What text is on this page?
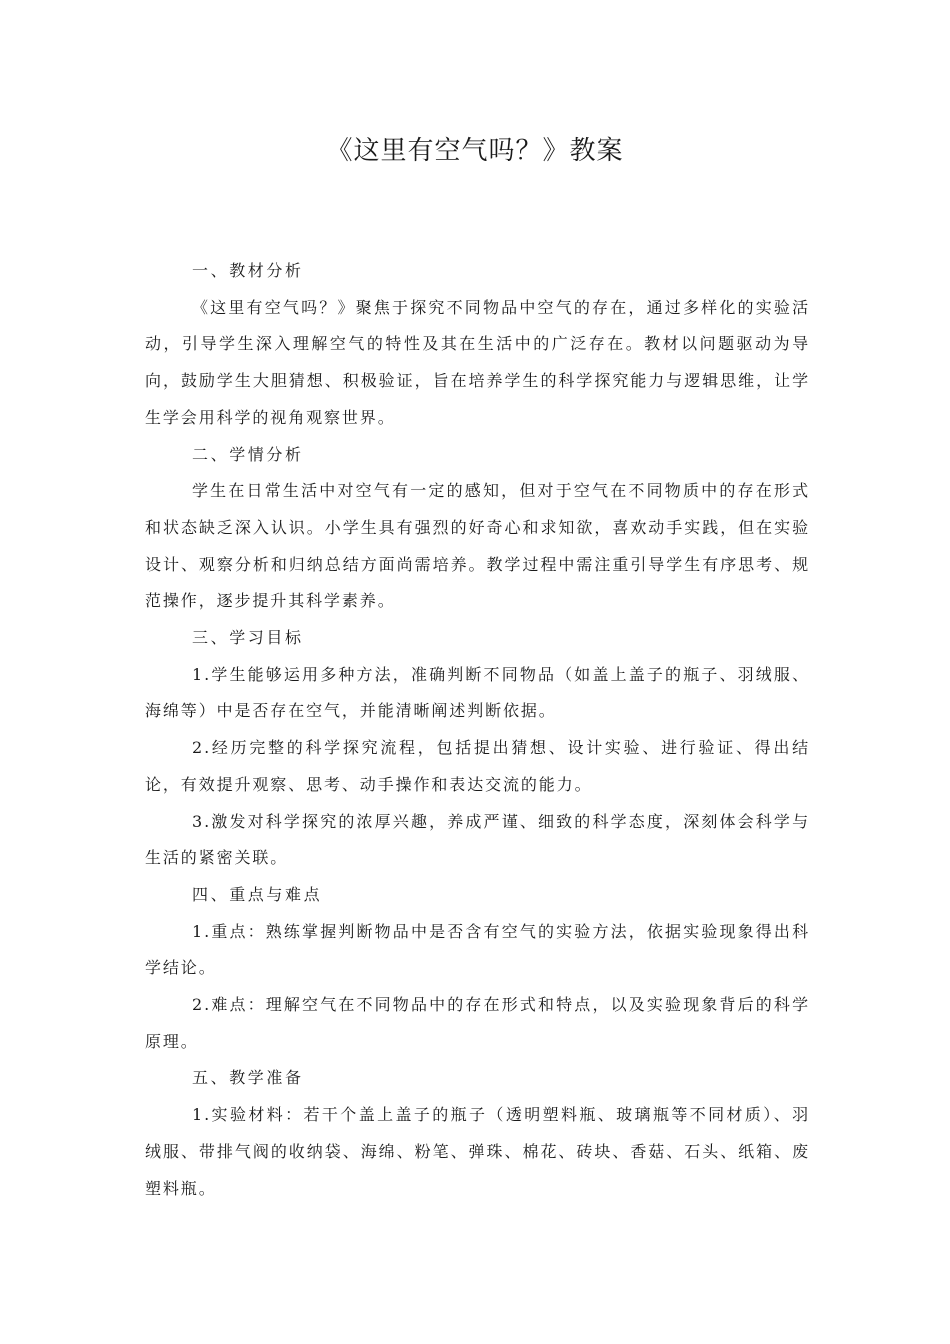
《这里有空气吗？》教案

一、教材分析

《这里有空气吗？》聚焦于探究不同物品中空气的存在，通过多样化的实验活动，引导学生深入理解空气的特性及其在生活中的广泛存在。教材以问题驱动为导向，鼓励学生大胆猜想、积极验证，旨在培养学生的科学探究能力与逻辑思维，让学生学会用科学的视角观察世界。

二、学情分析

学生在日常生活中对空气有一定的感知，但对于空气在不同物质中的存在形式和状态缺乏深入认识。小学生具有强烈的好奇心和求知欲，喜欢动手实践，但在实验设计、观察分析和归纳总结方面尚需培养。教学过程中需注重引导学生有序思考、规范操作，逐步提升其科学素养。

三、学习目标

1.学生能够运用多种方法，准确判断不同物品（如盖上盖子的瓶子、羽绒服、海绵等）中是否存在空气，并能清晰阐述判断依据。

2.经历完整的科学探究流程，包括提出猜想、设计实验、进行验证、得出结论，有效提升观察、思考、动手操作和表达交流的能力。

3.激发对科学探究的浓厚兴趣，养成严谨、细致的科学态度，深刻体会科学与生活的紧密关联。

四、重点与难点

1.重点：熟练掌握判断物品中是否含有空气的实验方法，依据实验现象得出科学结论。

2.难点：理解空气在不同物品中的存在形式和特点，以及实验现象背后的科学原理。

五、教学准备

1.实验材料：若干个盖上盖子的瓶子（透明塑料瓶、玻璃瓶等不同材质）、羽绒服、带排气阀的收纳袋、海绵、粉笔、弹珠、棉花、砖块、香菇、石头、纸箱、废塑料瓶。
